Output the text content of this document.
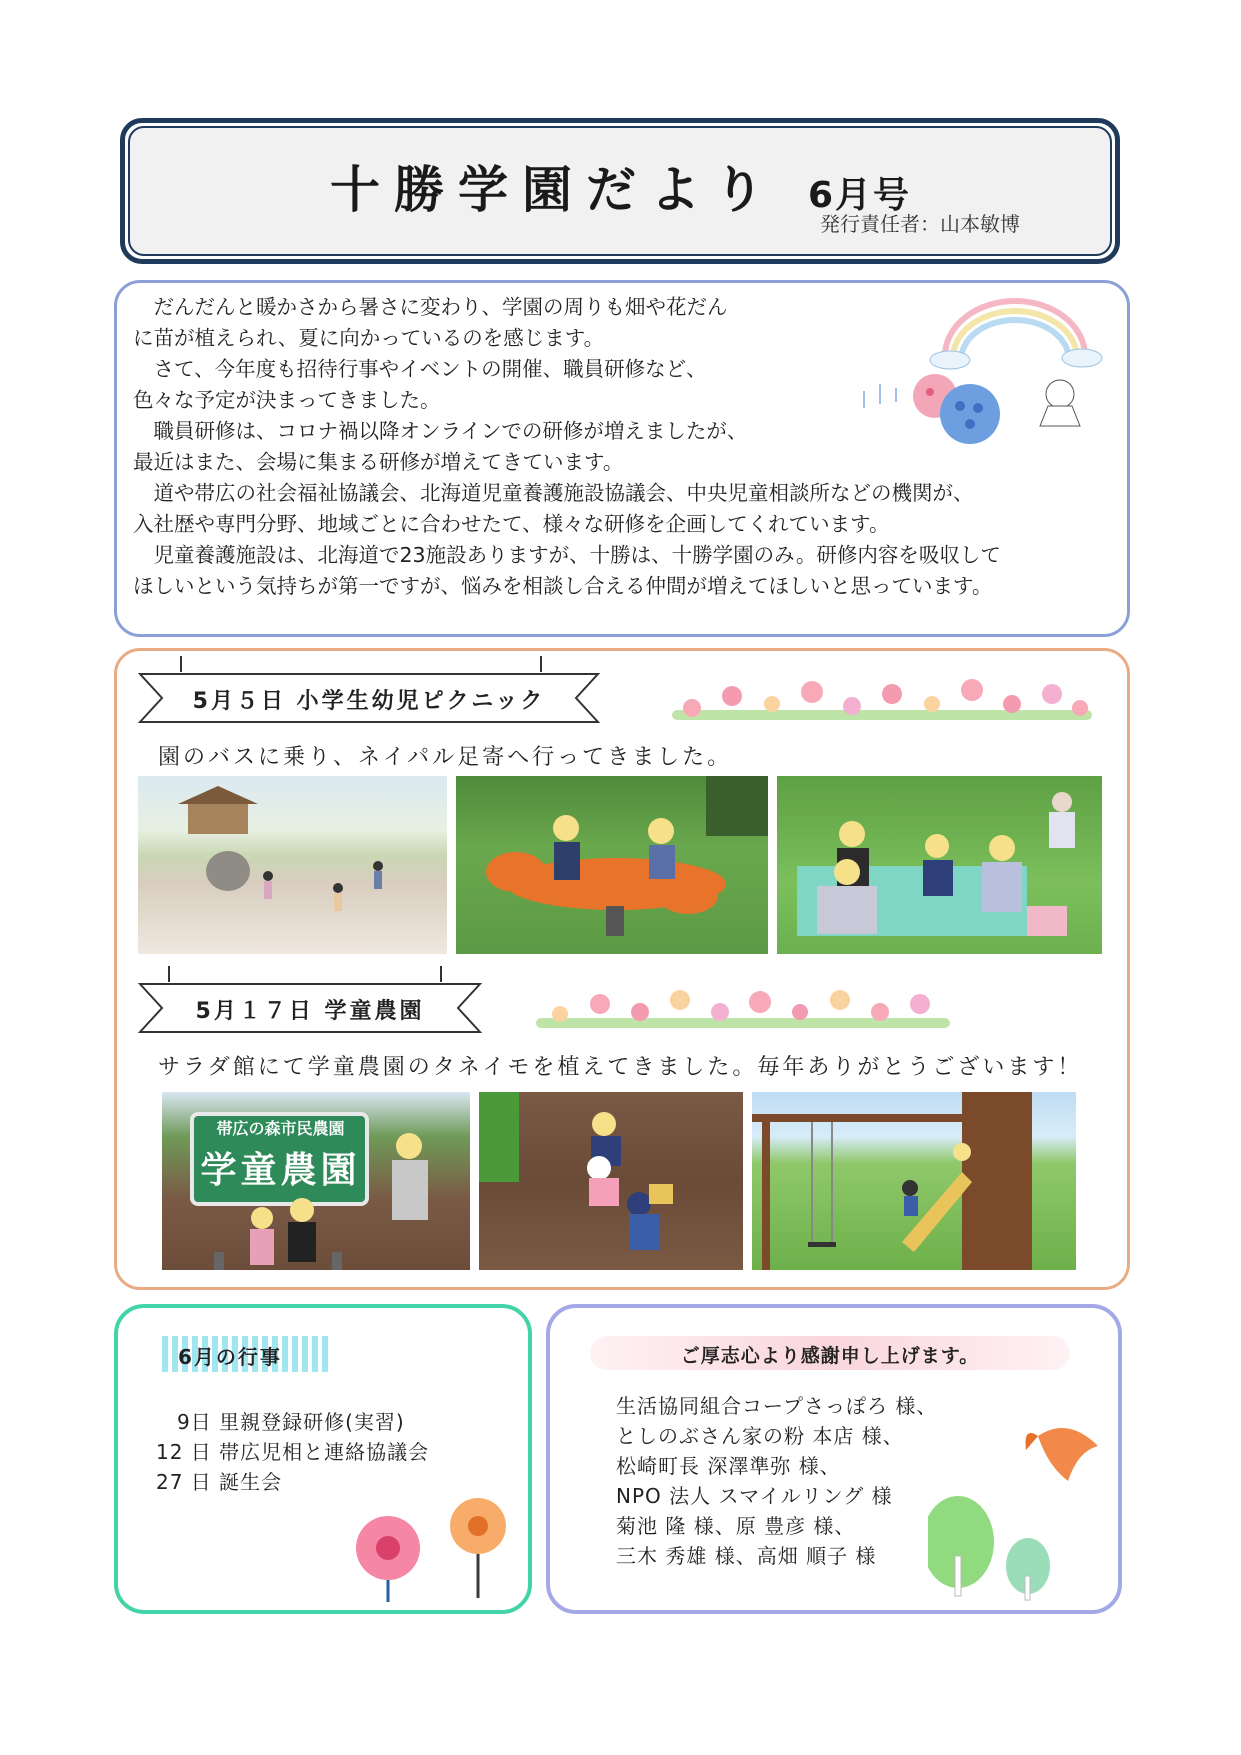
十勝学園だより 6月号
発行責任者：山本敏博

　だんだんと暖かさから暑さに変わり、学園の周りも畑や花だん

に苗が植えられ、夏に向かっているのを感じます。

　さて、今年度も招待行事やイベントの開催、職員研修など、

色々な予定が決まってきました。

　職員研修は、コロナ禍以降オンラインでの研修が増えましたが、

最近はまた、会場に集まる研修が増えてきています。

　道や帯広の社会福祉協議会、北海道児童養護施設協議会、中央児童相談所などの機関が、

入社歴や専門分野、地域ごとに合わせたて、様々な研修を企画してくれています。

　児童養護施設は、北海道で23施設ありますが、十勝は、十勝学園のみ。研修内容を吸収して

ほしいという気持ちが第一ですが、悩みを相談し合える仲間が増えてほしいと思っています。

5月５日 小学生幼児ピクニック
園のバスに乗り、ネイパル足寄へ行ってきました。
5月１７日 学童農園
サラダ館にて学童農園のタネイモを植えてきました。毎年ありがとうございます！
帯広の森市民農園
学童農園
6月の行事
　9日 里親登録研修(実習)
12 日 帯広児相と連絡協議会
27 日 誕生会
ご厚志心より感謝申し上げます。
生活協同組合コープさっぽろ 様、
としのぶさん家の粉 本店 様、
松崎町長 深澤準弥 様、
NPO 法人 スマイルリング 様
菊池 隆 様、原 豊彦 様、
三木 秀雄 様、高畑 順子 様
